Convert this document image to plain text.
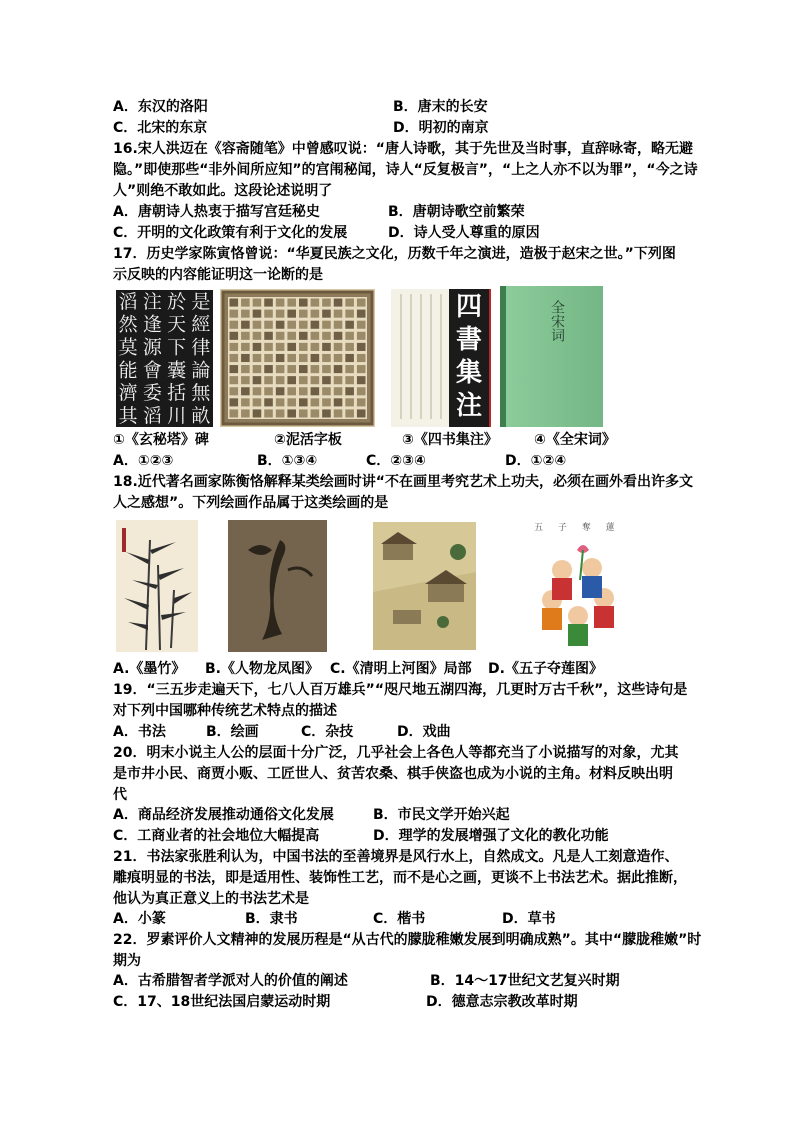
A．东汉的洛阳	B．唐末的长安
C．北宋的东京	D．明初的南京
16.宋人洪迈在《容斋随笔》中曾感叹说：“唐人诗歌，其于先世及当时事，直辞咏寄，略无避
隐。”即使那些“非外间所应知”的宫闱秘闻，诗人“反复极言”，“上之人亦不以为罪”，“今之诗
人”则绝不敢如此。这段论述说明了
A．唐朝诗人热衷于描写宫廷秘史	B．唐朝诗歌空前繁荣
C．开明的文化政策有利于文化的发展	D．诗人受人尊重的原因
17．历史学家陈寅恪曾说：“华夏民族之文化，历数千年之演进，造极于赵宋之世。”下列图
示反映的内容能证明这一论断的是
是
經
律
論
無
畝
於
天
下
囊
括
川
注
逢
源
會
委
滔
滔
然
莫
能
濟
其
四
書
集
注
全宋词
①《玄秘塔》碑	②泥活字板	③《四书集注》	④《全宋词》
A．①②③	B．①③④	C．②③④	D．①②④
18.近代著名画家陈衡恪解释某类绘画时讲“不在画里考究艺术上功夫，必须在画外看出许多文
人之感想”。下列绘画作品属于这类绘画的是
五 子 奪 蓮
A.《墨竹》 B.《人物龙凤图》 C.《清明上河图》局部 D.《五子夺莲图》
19．“三五步走遍天下，七八人百万雄兵”“咫尺地五湖四海，几更时万古千秋”，这些诗句是
对下列中国哪种传统艺术特点的描述
A．书法	B．绘画	C．杂技	D．戏曲
20．明末小说主人公的层面十分广泛，几乎社会上各色人等都充当了小说描写的对象，尤其
是市井小民、商贾小贩、工匠世人、贫苦农桑、棋手侠盗也成为小说的主角。材料反映出明
代
A．商品经济发展推动通俗文化发展	B．市民文学开始兴起
C．工商业者的社会地位大幅提高	D．理学的发展增强了文化的教化功能
21．书法家张胜利认为，中国书法的至善境界是风行水上，自然成文。凡是人工刻意造作、
雕痕明显的书法，即是适用性、装饰性工艺，而不是心之画，更谈不上书法艺术。据此推断，
他认为真正意义上的书法艺术是
A．小篆	B．隶书	C．楷书	D．草书
22．罗素评价人文精神的发展历程是“从古代的朦胧稚嫩发展到明确成熟”。其中“朦胧稚嫩”时
期为
A．古希腊智者学派对人的价值的阐述	B．14～17世纪文艺复兴时期
C．17、18世纪法国启蒙运动时期	D．德意志宗教改革时期
